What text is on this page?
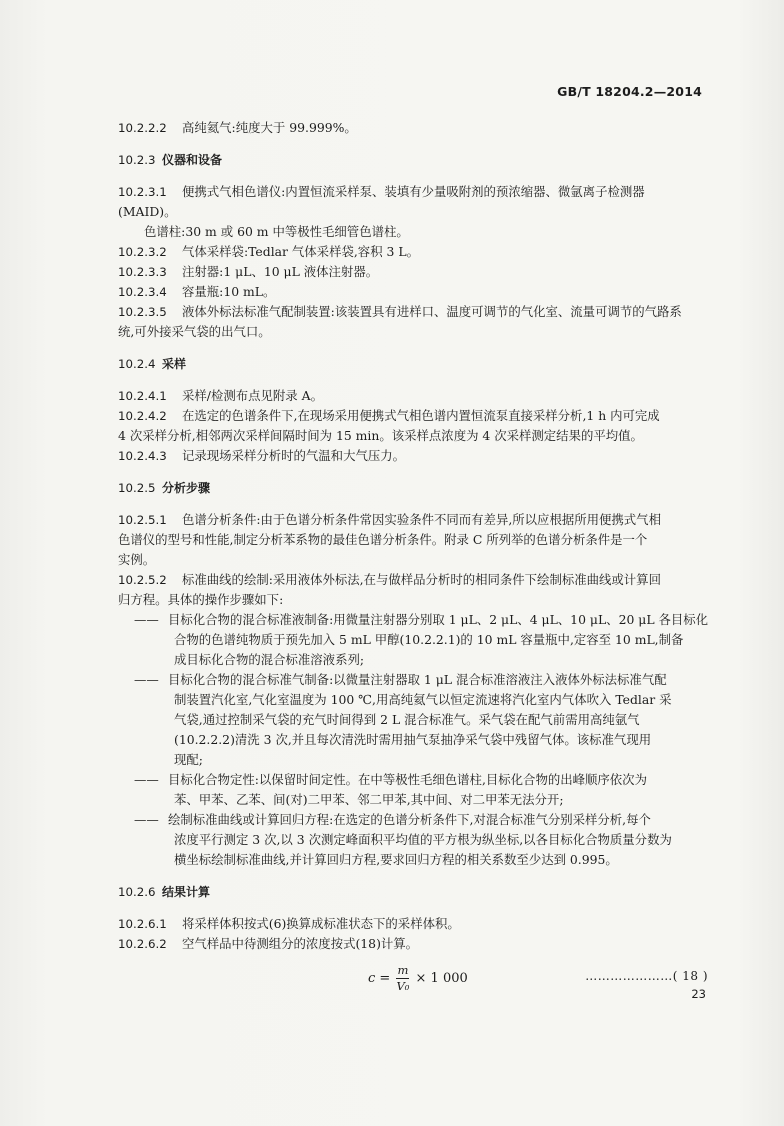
GB/T 18204.2—2014

10.2.2.2 高纯氦气:纯度大于 99.999%。

10.2.3 仪器和设备

10.2.3.1 便携式气相色谱仪:内置恒流采样泵、装填有少量吸附剂的预浓缩器、微氩离子检测器

(MAID)。

色谱柱:30 m 或 60 m 中等极性毛细管色谱柱。

10.2.3.2 气体采样袋:Tedlar 气体采样袋,容积 3 L。

10.2.3.3 注射器:1 μL、10 μL 液体注射器。

10.2.3.4 容量瓶:10 mL。

10.2.3.5 液体外标法标准气配制装置:该装置具有进样口、温度可调节的气化室、流量可调节的气路系

统,可外接采气袋的出气口。

10.2.4 采样

10.2.4.1 采样/检测布点见附录 A。

10.2.4.2 在选定的色谱条件下,在现场采用便携式气相色谱内置恒流泵直接采样分析,1 h 内可完成

4 次采样分析,相邻两次采样间隔时间为 15 min。该采样点浓度为 4 次采样测定结果的平均值。

10.2.4.3 记录现场采样分析时的气温和大气压力。

10.2.5 分析步骤

10.2.5.1 色谱分析条件:由于色谱分析条件常因实验条件不同而有差异,所以应根据所用便携式气相

色谱仪的型号和性能,制定分析苯系物的最佳色谱分析条件。附录 C 所列举的色谱分析条件是一个

实例。

10.2.5.2 标准曲线的绘制:采用液体外标法,在与做样品分析时的相同条件下绘制标准曲线或计算回

归方程。具体的操作步骤如下:

—— 目标化合物的混合标准液制备:用微量注射器分别取 1 μL、2 μL、4 μL、10 μL、20 μL 各目标化

合物的色谱纯物质于预先加入 5 mL 甲醇(10.2.2.1)的 10 mL 容量瓶中,定容至 10 mL,制备

成目标化合物的混合标准溶液系列;

—— 目标化合物的混合标准气制备:以微量注射器取 1 μL 混合标准溶液注入液体外标法标准气配

制装置汽化室,气化室温度为 100 ℃,用高纯氦气以恒定流速将汽化室内气体吹入 Tedlar 采

气袋,通过控制采气袋的充气时间得到 2 L 混合标准气。采气袋在配气前需用高纯氩气

(10.2.2.2)清洗 3 次,并且每次清洗时需用抽气泵抽净采气袋中残留气体。该标准气现用

现配;

—— 目标化合物定性:以保留时间定性。在中等极性毛细色谱柱,目标化合物的出峰顺序依次为

苯、甲苯、乙苯、间(对)二甲苯、邻二甲苯,其中间、对二甲苯无法分开;

—— 绘制标准曲线或计算回归方程:在选定的色谱分析条件下,对混合标准气分别采样分析,每个

浓度平行测定 3 次,以 3 次测定峰面积平均值的平方根为纵坐标,以各目标化合物质量分数为

横坐标绘制标准曲线,并计算回归方程,要求回归方程的相关系数至少达到 0.995。

10.2.6 结果计算

10.2.6.1 将采样体积按式(6)换算成标准状态下的采样体积。

10.2.6.2 空气样品中待测组分的浓度按式(18)计算。

$c = \frac{m}{\text{V₀}} \times 1$ 000	…………………( 18 )
23
